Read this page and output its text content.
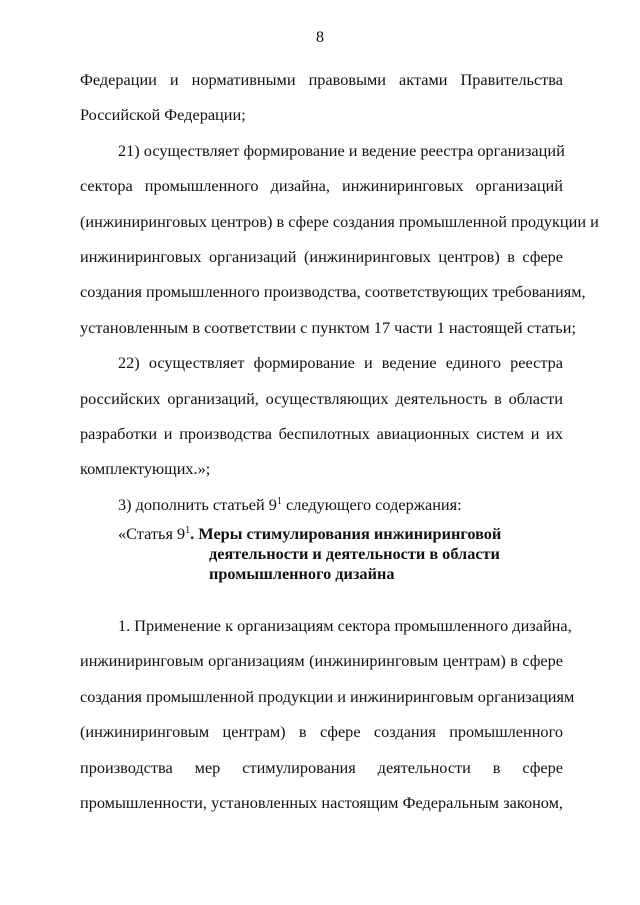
8
Федерации и нормативными правовыми актами Правительства
Российской Федерации;
21) осуществляет формирование и ведение реестра организаций
сектора промышленного дизайна, инжиниринговых организаций
(инжиниринговых центров) в сфере создания промышленной продукции и
инжиниринговых организаций (инжиниринговых центров) в сфере
создания промышленного производства, соответствующих требованиям,
установленным в соответствии с пунктом 17 части 1 настоящей статьи;
22) осуществляет формирование и ведение единого реестра
российских организаций, осуществляющих деятельность в области
разработки и производства беспилотных авиационных систем и их
комплектующих.»;
3) дополнить статьей $9^1$ следующего содержания:
«Статья $9^1$. Меры стимулирования инжиниринговой
деятельности и деятельности в области
промышленного дизайна
1. Применение к организациям сектора промышленного дизайна,
инжиниринговым организациям (инжиниринговым центрам) в сфере
создания промышленной продукции и инжиниринговым организациям
(инжиниринговым центрам) в сфере создания промышленного
производства мер стимулирования деятельности в сфере
промышленности, установленных настоящим Федеральным законом,
